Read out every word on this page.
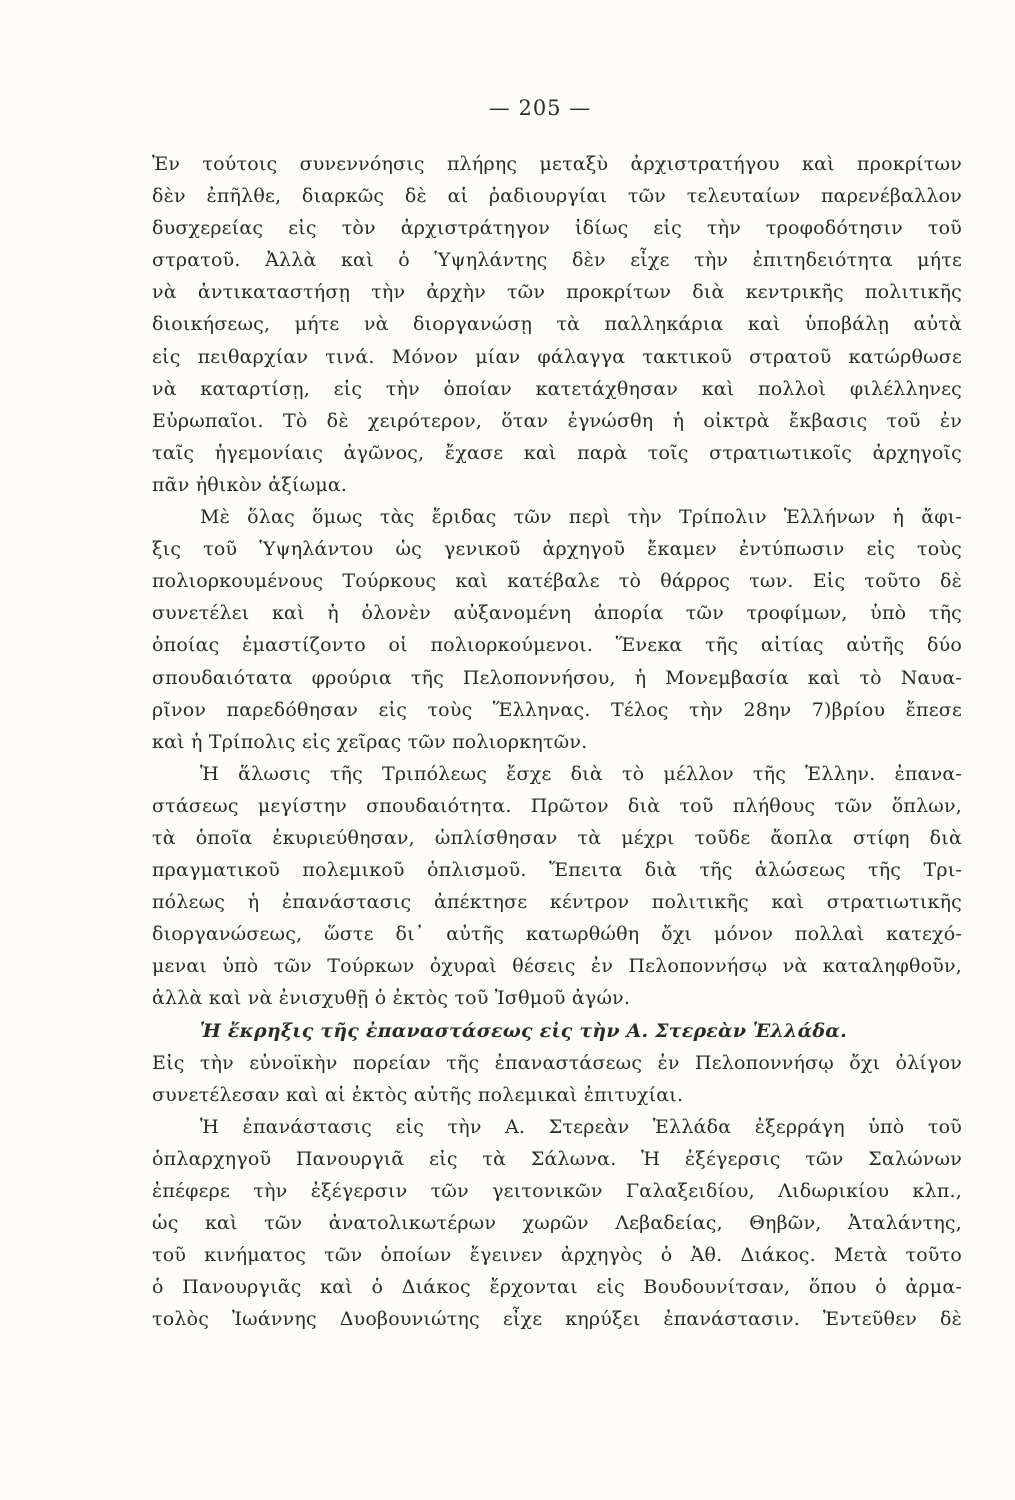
— 205 —
Ἐν τούτοις συνεννόησις πλήρης μεταξὺ ἀρχιστρατήγου καὶ προκρίτων
δὲν ἐπῆλθε, διαρκῶς δὲ αἱ ῥαδιουργίαι τῶν τελευταίων παρενέβαλλον
δυσχερείας εἰς τὸν ἀρχιστράτηγον ἰδίως εἰς τὴν τροφοδότησιν τοῦ
στρατοῦ. Ἀλλὰ καὶ ὁ Ὑψηλάντης δὲν εἶχε τὴν ἐπιτηδειότητα μήτε
νὰ ἀντικαταστήσῃ τὴν ἀρχὴν τῶν προκρίτων διὰ κεντρικῆς πολιτικῆς
διοικήσεως, μήτε νὰ διοργανώσῃ τὰ παλληκάρια καὶ ὑποβάλῃ αὐτὰ
εἰς πειθαρχίαν τινά. Μόνον μίαν φάλαγγα τακτικοῦ στρατοῦ κατώρθωσε
νὰ καταρτίσῃ, εἰς τὴν ὁποίαν κατετάχθησαν καὶ πολλοὶ φιλέλληνες
Εὐρωπαῖοι. Τὸ δὲ χειρότερον, ὅταν ἐγνώσθη ἡ οἰκτρὰ ἔκβασις τοῦ ἐν
ταῖς ἡγεμονίαις ἀγῶνος, ἔχασε καὶ παρὰ τοῖς στρατιωτικοῖς ἀρχηγοῖς
πᾶν ἠθικὸν ἀξίωμα.
Μὲ ὅλας ὅμως τὰς ἔριδας τῶν περὶ τὴν Τρίπολιν Ἑλλήνων ἡ ἄφι-
ξις τοῦ Ὑψηλάντου ὡς γενικοῦ ἀρχηγοῦ ἔκαμεν ἐντύπωσιν εἰς τοὺς
πολιορκουμένους Τούρκους καὶ κατέβαλε τὸ θάρρος των. Εἰς τοῦτο δὲ
συνετέλει καὶ ἡ ὁλονὲν αὐξανομένη ἀπορία τῶν τροφίμων, ὑπὸ τῆς
ὁποίας ἐμαστίζοντο οἱ πολιορκούμενοι. Ἕνεκα τῆς αἰτίας αὐτῆς δύο
σπουδαιότατα φρούρια τῆς Πελοποννήσου, ἡ Μονεμβασία καὶ τὸ Ναυα-
ρῖνον παρεδόθησαν εἰς τοὺς Ἕλληνας. Τέλος τὴν 28ην 7)βρίου ἔπεσε
καὶ ἡ Τρίπολις εἰς χεῖρας τῶν πολιορκητῶν.
Ἡ ἅλωσις τῆς Τριπόλεως ἔσχε διὰ τὸ μέλλον τῆς Ἑλλην. ἐπανα-
στάσεως μεγίστην σπουδαιότητα. Πρῶτον διὰ τοῦ πλήθους τῶν ὅπλων,
τὰ ὁποῖα ἐκυριεύθησαν, ὡπλίσθησαν τὰ μέχρι τοῦδε ἄοπλα στίφη διὰ
πραγματικοῦ πολεμικοῦ ὁπλισμοῦ. Ἔπειτα διὰ τῆς ἁλώσεως τῆς Τρι-
πόλεως ἡ ἐπανάστασις ἀπέκτησε κέντρον πολιτικῆς καὶ στρατιωτικῆς
διοργανώσεως, ὥστε δι᾿ αὐτῆς κατωρθώθη ὄχι μόνον πολλαὶ κατεχό-
μεναι ὑπὸ τῶν Τούρκων ὀχυραὶ θέσεις ἐν Πελοποννήσῳ νὰ καταληφθοῦν,
ἀλλὰ καὶ νὰ ἐνισχυθῇ ὁ ἐκτὸς τοῦ Ἰσθμοῦ ἀγών.
Ἡ ἔκρηξις τῆς ἐπαναστάσεως εἰς τὴν Α. Στερεὰν Ἑλλάδα.
Εἰς τὴν εὐνοϊκὴν πορείαν τῆς ἐπαναστάσεως ἐν Πελοποννήσῳ ὄχι ὀλίγον
συνετέλεσαν καὶ αἱ ἐκτὸς αὐτῆς πολεμικαὶ ἐπιτυχίαι.
Ἡ ἐπανάστασις εἰς τὴν Α. Στερεὰν Ἑλλάδα ἐξερράγη ὑπὸ τοῦ
ὁπλαρχηγοῦ Πανουργιᾶ εἰς τὰ Σάλωνα. Ἡ ἐξέγερσις τῶν Σαλώνων
ἐπέφερε τὴν ἐξέγερσιν τῶν γειτονικῶν Γαλαξειδίου, Λιδωρικίου κλπ.,
ὡς καὶ τῶν ἀνατολικωτέρων χωρῶν Λεβαδείας, Θηβῶν, Ἀταλάντης,
τοῦ κινήματος τῶν ὁποίων ἔγεινεν ἀρχηγὸς ὁ Ἀθ. Διάκος. Μετὰ τοῦτο
ὁ Πανουργιᾶς καὶ ὁ Διάκος ἔρχονται εἰς Βουδουνίτσαν, ὅπου ὁ ἀρμα-
τολὸς Ἰωάννης Δυοβουνιώτης εἶχε κηρύξει ἐπανάστασιν. Ἐντεῦθεν δὲ
